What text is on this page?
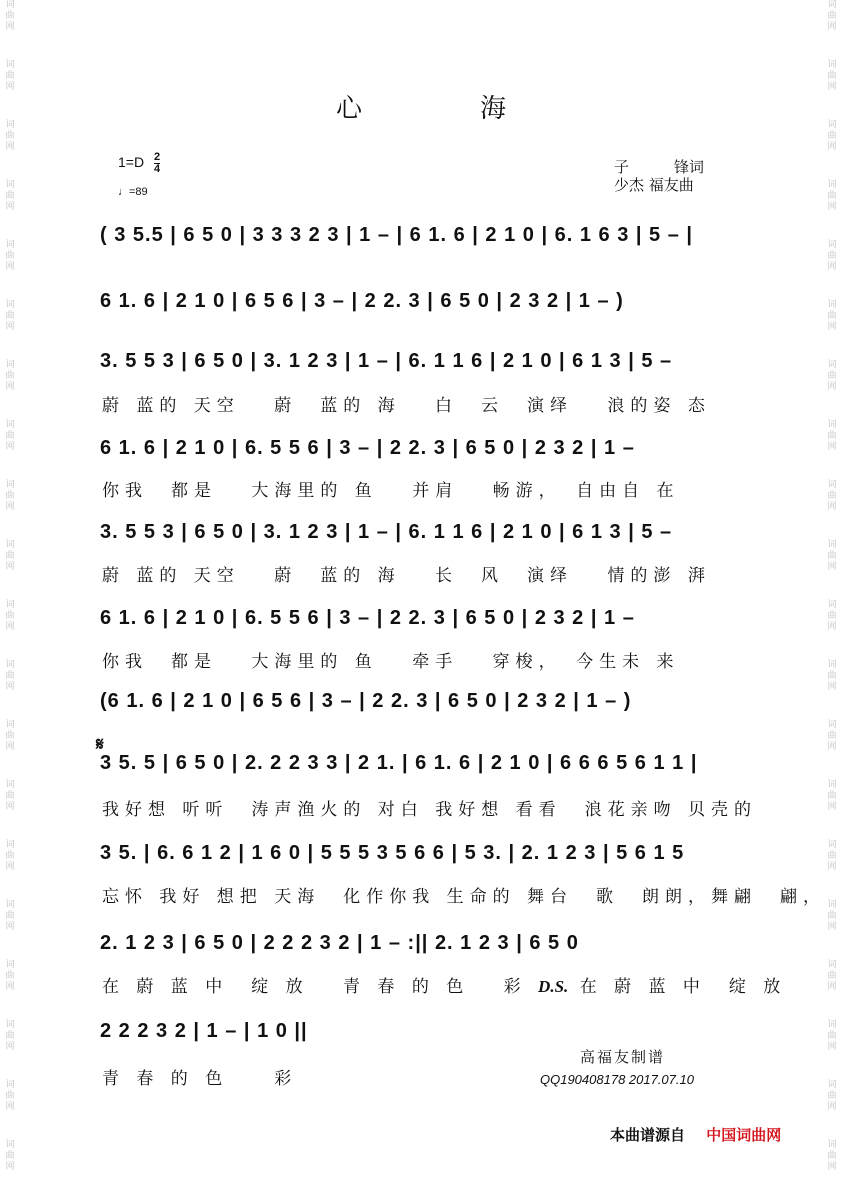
词曲网
词曲网
词曲网
词曲网
词曲网
词曲网
词曲网
词曲网
词曲网
词曲网
词曲网
词曲网
词曲网
词曲网
词曲网
词曲网
词曲网
词曲网
词曲网
词曲网
词曲网
词曲网
词曲网
词曲网
词曲网
词曲网
词曲网
词曲网
词曲网
词曲网
词曲网
词曲网
词曲网
词曲网
词曲网
词曲网
词曲网
词曲网
词曲网
词曲网
心海
$1=D \frac{2}{4}$
♩=89
子　　　锋词
少杰 福友曲
( 3 5.5 | 6 5 0 | 3 3 3 2 3 | 1 – | 6 1. 6 | 2 1 0 | 6. 1 6 3 | 5 – |
6 1. 6 | 2 1 0 | 6 5 6 | 3 – | 2 2. 3 | 6 5 0 | 2 3 2 | 1 – )
3. 5 5 3 | 6 5 0 | 3. 1 2 3 | 1 – | 6. 1 1 6 | 2 1 0 | 6 1 3 | 5 –
蔚 蓝的 天空　 蔚　蓝的 海　 白　云　演绎　 浪的姿 态
6 1. 6 | 2 1 0 | 6. 5 5 6 | 3 – | 2 2. 3 | 6 5 0 | 2 3 2 | 1 –
你我　都是　 大海里的 鱼　 并肩　 畅游，　自由自 在
3. 5 5 3 | 6 5 0 | 3. 1 2 3 | 1 – | 6. 1 1 6 | 2 1 0 | 6 1 3 | 5 –
蔚 蓝的 天空　 蔚　蓝的 海　 长　风　演绎　 情的澎 湃
6 1. 6 | 2 1 0 | 6. 5 5 6 | 3 – | 2 2. 3 | 6 5 0 | 2 3 2 | 1 –
你我　都是　 大海里的 鱼　 牵手　 穿梭，　今生未 来
(6 1. 6 | 2 1 0 | 6 5 6 | 3 – | 2 2. 3 | 6 5 0 | 2 3 2 | 1 – )
3 5. 5 | 6 5 0 | 2. 2 2 3 3 | 2 1. | 6 1. 6 | 2 1 0 | 6 6 6 5 6 1 1 |
我好想 听听　涛声渔火的 对白 我好想 看看　浪花亲吻 贝壳的
3 5. | 6. 6 1 2 | 1 6 0 | 5 5 5 3 5 6 6 | 5 3. | 2. 1 2 3 | 5 6 1 5
忘怀 我好 想把 天海　化作你我 生命的 舞台　歌　朗朗，舞翩　翩，
2. 1 2 3 | 6 5 0 | 2 2 2 3 2 | 1 – :|| 2. 1 2 3 | 6 5 0
在 蔚 蓝 中　绽 放　 青 春 的 色　 彩 D.S. 在 蔚 蓝 中　绽 放
2 2 2 3 2 | 1 – | 1 0 ||
青 春 的 色　　彩
𝄋
高福友制谱
QQ190408178 2017.07.10
本曲谱源自 中国词曲网
